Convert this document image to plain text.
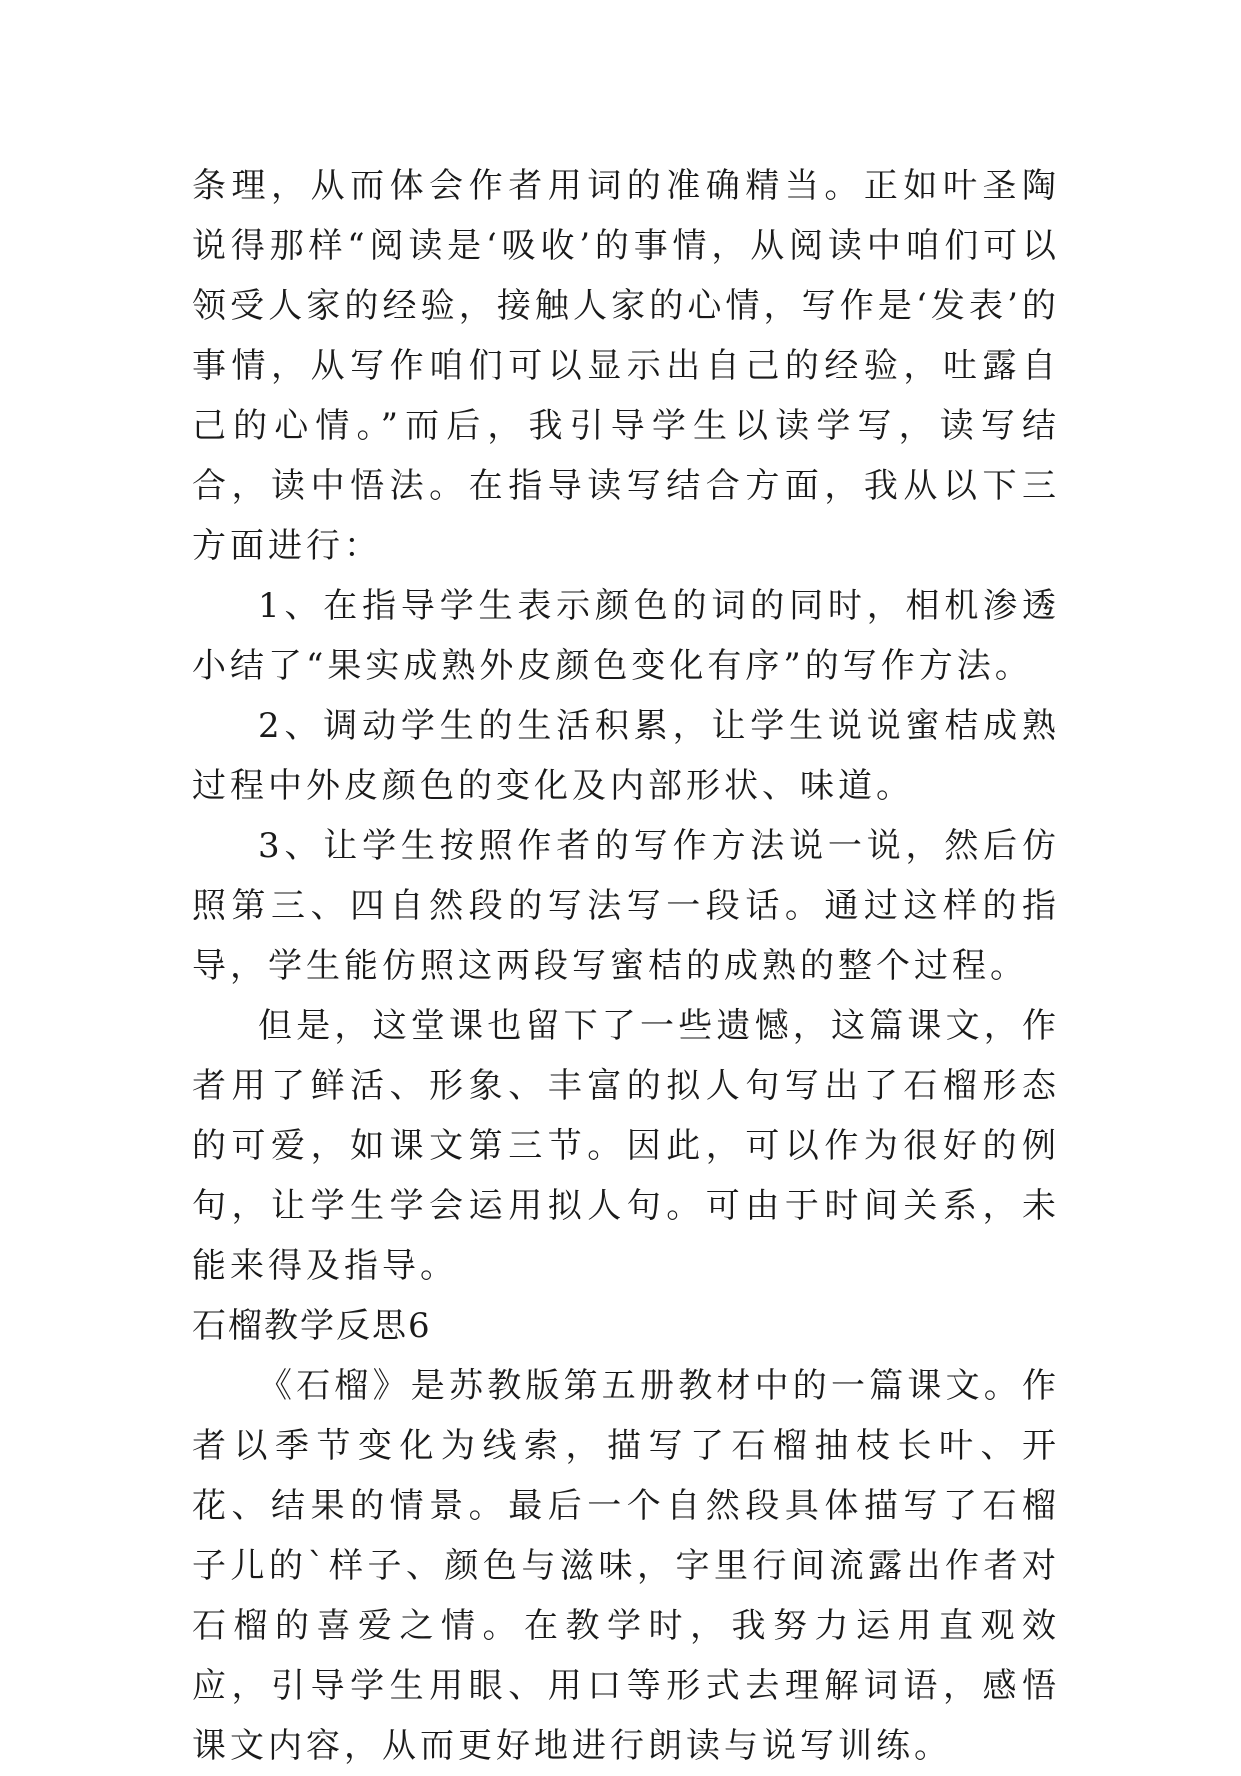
条理，从而体会作者用词的准确精当。正如叶圣陶说得那样“阅读是‘吸收’的事情，从阅读中咱们可以领受人家的经验，接触人家的心情，写作是‘发表’的事情，从写作咱们可以显示出自己的经验，吐露自己的心情。”而后，我引导学生以读学写，读写结合，读中悟法。在指导读写结合方面，我从以下三方面进行：

1、在指导学生表示颜色的词的同时，相机渗透小结了“果实成熟外皮颜色变化有序”的写作方法。

2、调动学生的生活积累，让学生说说蜜桔成熟过程中外皮颜色的变化及内部形状、味道。

3、让学生按照作者的写作方法说一说，然后仿照第三、四自然段的写法写一段话。通过这样的指导，学生能仿照这两段写蜜桔的成熟的整个过程。

但是，这堂课也留下了一些遗憾，这篇课文，作者用了鲜活、形象、丰富的拟人句写出了石榴形态的可爱，如课文第三节。因此，可以作为很好的例句，让学生学会运用拟人句。可由于时间关系，未能来得及指导。

石榴教学反思6

《石榴》是苏教版第五册教材中的一篇课文。作者以季节变化为线索，描写了石榴抽枝长叶、开花、结果的情景。最后一个自然段具体描写了石榴子儿的`样子、颜色与滋味，字里行间流露出作者对石榴的喜爱之情。在教学时，我努力运用直观效应，引导学生用眼、用口等形式去理解词语，感悟课文内容，从而更好地进行朗读与说写训练。
